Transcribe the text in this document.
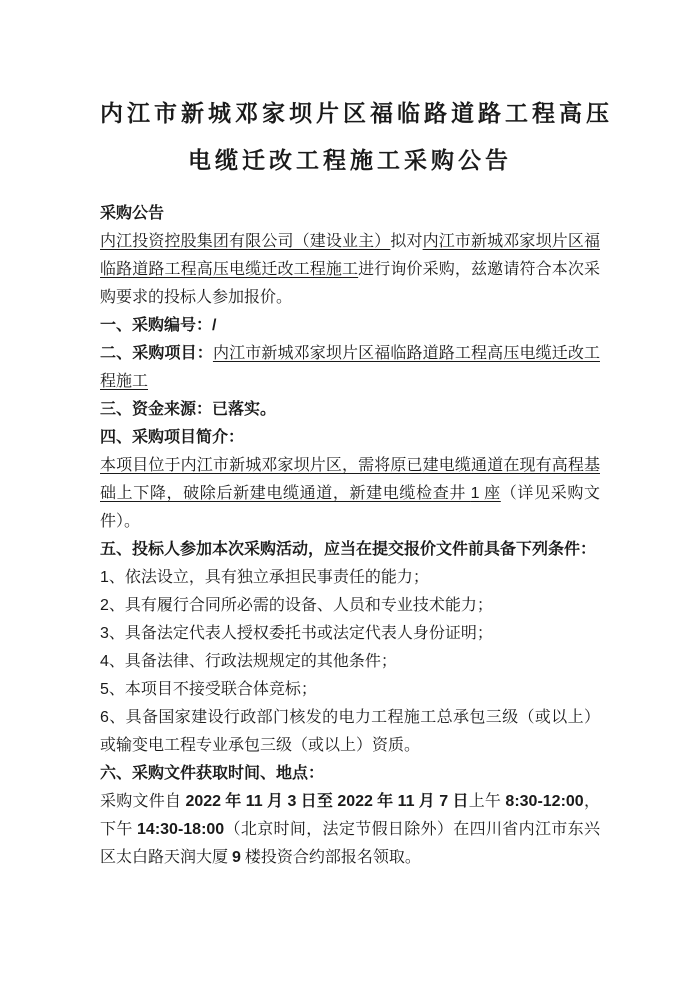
内江市新城邓家坝片区福临路道路工程高压
电缆迁改工程施工采购公告

采购公告

内江投资控股集团有限公司（建设业主）拟对内江市新城邓家坝片区福临路道路工程高压电缆迁改工程施工进行询价采购，兹邀请符合本次采购要求的投标人参加报价。

一、采购编号：/

二、采购项目：内江市新城邓家坝片区福临路道路工程高压电缆迁改工程施工

三、资金来源：已落实。

四、采购项目简介：

本项目位于内江市新城邓家坝片区，需将原已建电缆通道在现有高程基础上下降，破除后新建电缆通道，新建电缆检查井 1 座（详见采购文件）。

五、投标人参加本次采购活动，应当在提交报价文件前具备下列条件：

1、依法设立，具有独立承担民事责任的能力；

2、具有履行合同所必需的设备、人员和专业技术能力；

3、具备法定代表人授权委托书或法定代表人身份证明；

4、具备法律、行政法规规定的其他条件；

5、本项目不接受联合体竞标；

6、具备国家建设行政部门核发的电力工程施工总承包三级（或以上）或输变电工程专业承包三级（或以上）资质。

六、采购文件获取时间、地点：

采购文件自 2022 年 11 月 3 日至 2022 年 11 月 7 日上午 8:30-12:00，下午 14:30-18:00（北京时间，法定节假日除外）在四川省内江市东兴区太白路天润大厦 9 楼投资合约部报名领取。
